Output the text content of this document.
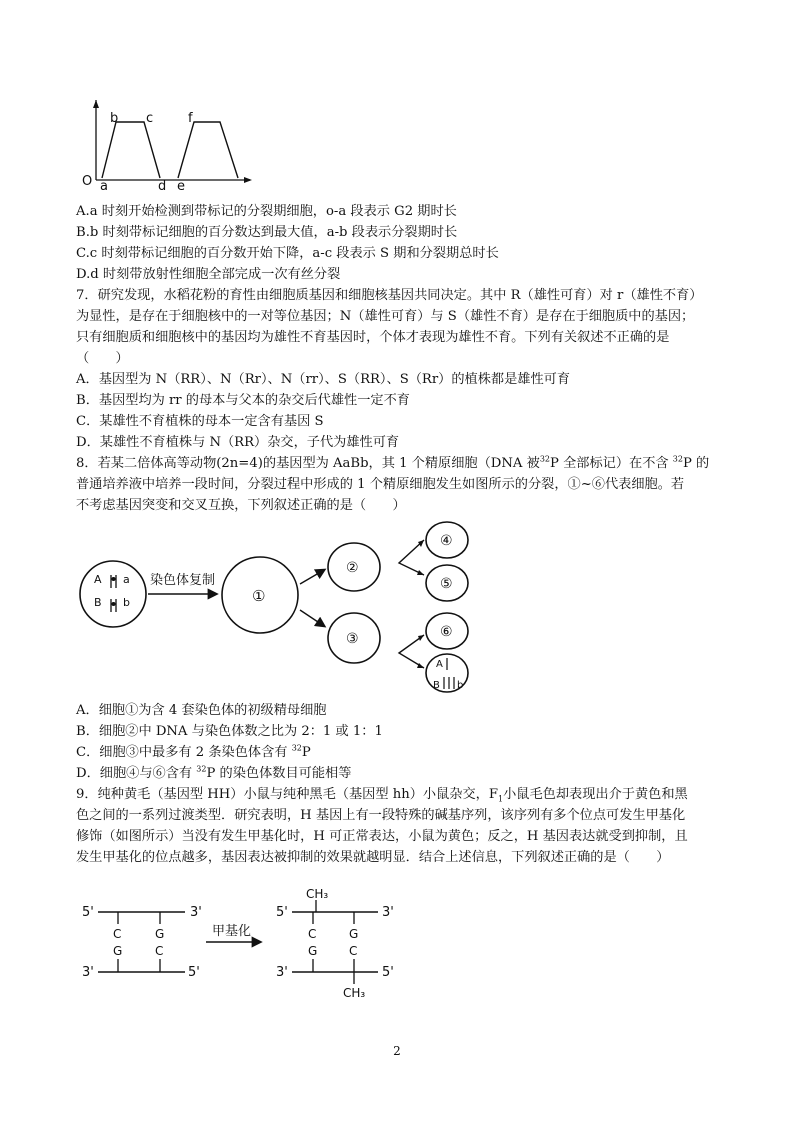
O a
b c
d e
f
A.a 时刻开始检测到带标记的分裂期细胞，o-a 段表示 G2 期时长
B.b 时刻带标记细胞的百分数达到最大值，a-b 段表示分裂期时长
C.c 时刻带标记细胞的百分数开始下降，a-c 段表示 S 期和分裂期总时长
D.d 时刻带放射性细胞全部完成一次有丝分裂
7．研究发现，水稻花粉的育性由细胞质基因和细胞核基因共同决定。其中 R（雄性可育）对 r（雄性不育）
为显性，是存在于细胞核中的一对等位基因；N（雄性可育）与 S（雄性不育）是存在于细胞质中的基因；
只有细胞质和细胞核中的基因均为雄性不育基因时，个体才表现为雄性不育。下列有关叙述不正确的是
（　　）
A．基因型为 N（RR）、N（Rr）、N（rr）、S（RR）、S（Rr）的植株都是雄性可育
B．基因型均为 rr 的母本与父本的杂交后代雄性一定不育
C．某雄性不育植株的母本一定含有基因 S
D．某雄性不育植株与 N（RR）杂交，子代为雄性可育
8．若某二倍体高等动物(2n=4)的基因型为 AaBb，其 1 个精原细胞（DNA 被$^{32}$P 全部标记）在不含 $^{32}$P 的
普通培养液中培养一段时间，分裂过程中形成的 1 个精原细胞发生如图所示的分裂，①~⑥代表细胞。若
不考虑基因突变和交叉互换，下列叙述正确的是（　　）
A a
B b
染色体复制
①
②
③
④
⑤
⑥
A
B b
A．细胞①为含 4 套染色体的初级精母细胞
B．细胞②中 DNA 与染色体数之比为 2：1 或 1：1
C．细胞③中最多有 2 条染色体含有 $^{32}$P
D．细胞④与⑥含有 $^{32}$P 的染色体数目可能相等
9．纯种黄毛（基因型 HH）小鼠与纯种黑毛（基因型 hh）小鼠杂交，$F_1$小鼠毛色却表现出介于黄色和黑
色之间的一系列过渡类型．研究表明，H 基因上有一段特殊的碱基序列，该序列有多个位点可发生甲基化
修饰（如图所示）当没有发生甲基化时，H 可正常表达，小鼠为黄色；反之，H 基因表达就受到抑制，且
发生甲基化的位点越多，基因表达被抑制的效果就越明显．结合上述信息，下列叙述正确的是（　　）
5'	3'
C	G
G	C
3'	5'
甲基化
CH₃
5'	3'
C	G
G	C
3'	5'
CH₃
2
